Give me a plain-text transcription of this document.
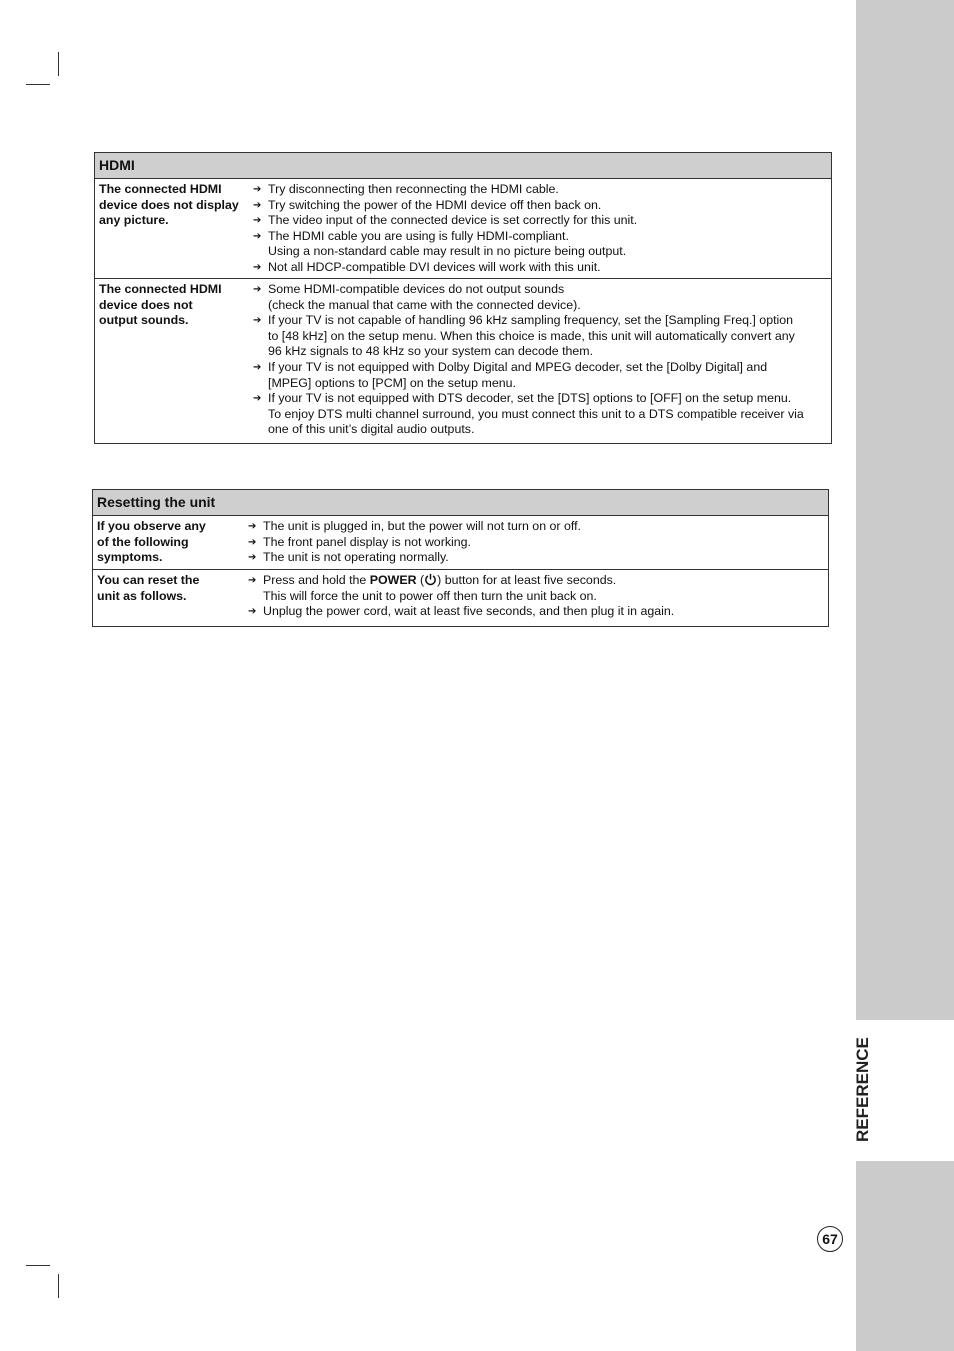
REFERENCE
HDMI
The connected HDMI
device does not display
any picture.
➔ Try disconnecting then reconnecting the HDMI cable.
➔ Try switching the power of the HDMI device off then back on.
➔ The video input of the connected device is set correctly for this unit.
➔ The HDMI cable you are using is fully HDMI-compliant.
Using a non-standard cable may result in no picture being output.
➔ Not all HDCP-compatible DVI devices will work with this unit.
The connected HDMI
device does not
output sounds.
➔ Some HDMI-compatible devices do not output sounds
(check the manual that came with the connected device).
➔ If your TV is not capable of handling 96 kHz sampling frequency, set the [Sampling Freq.] option
to [48 kHz] on the setup menu. When this choice is made, this unit will automatically convert any
96 kHz signals to 48 kHz so your system can decode them.
➔ If your TV is not equipped with Dolby Digital and MPEG decoder, set the [Dolby Digital] and
[MPEG] options to [PCM] on the setup menu.
➔ If your TV is not equipped with DTS decoder, set the [DTS] options to [OFF] on the setup menu.
To enjoy DTS multi channel surround, you must connect this unit to a DTS compatible receiver via
one of this unit’s digital audio outputs.
Resetting the unit
If you observe any
of the following
symptoms.
➔ The unit is plugged in, but the power will not turn on or off.
➔ The front panel display is not working.
➔ The unit is not operating normally.
You can reset the
unit as follows.
➔ Press and hold the POWER ( ) button for at least five seconds.
This will force the unit to power off then turn the unit back on.
➔ Unplug the power cord, wait at least five seconds, and then plug it in again.
67
